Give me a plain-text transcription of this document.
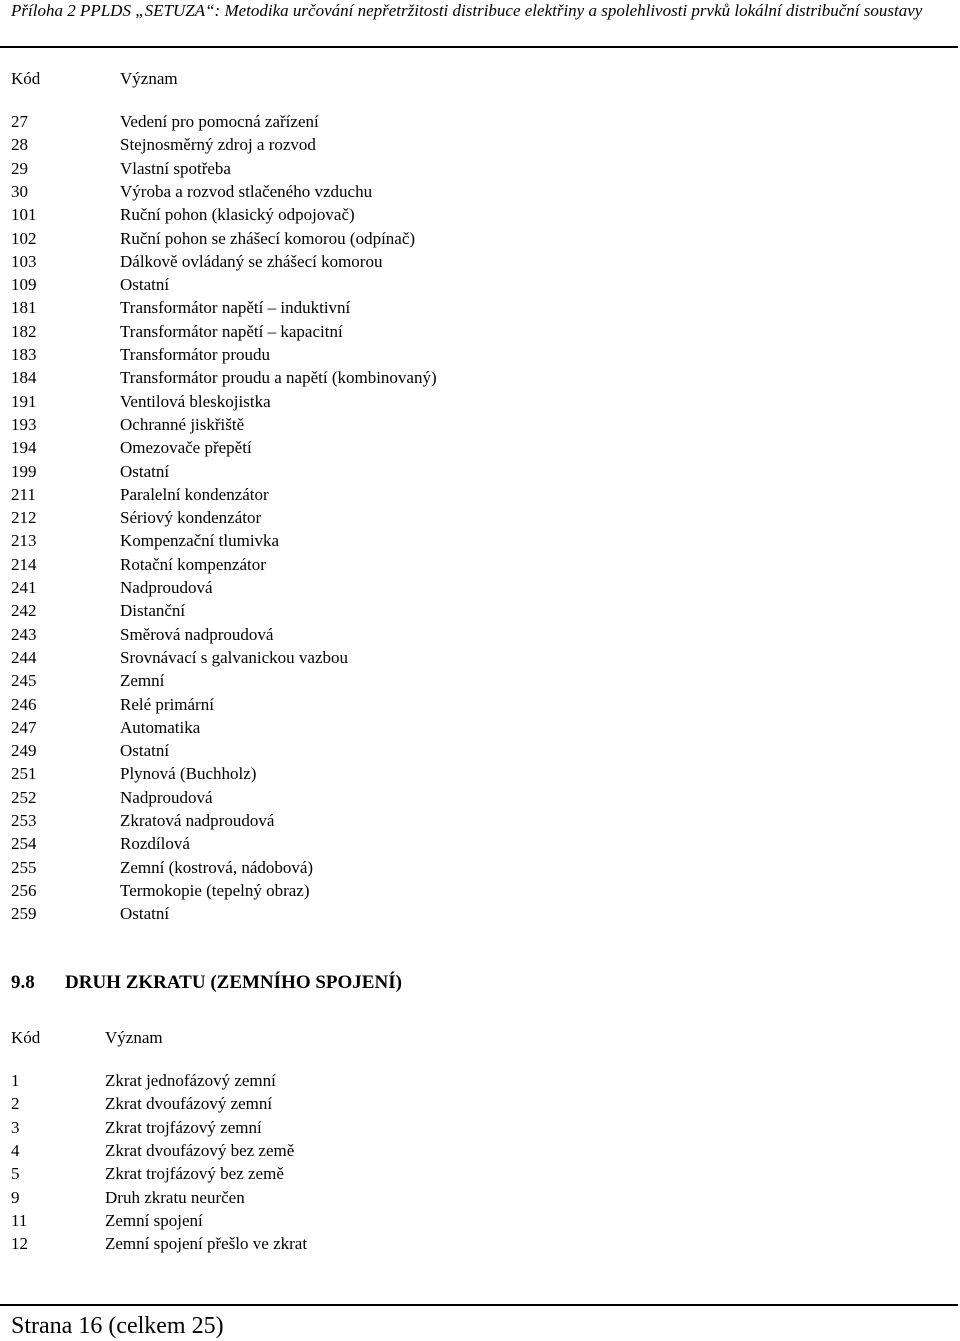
Příloha 2 PPLDS „SETUZA“: Metodika určování nepřetržitosti distribuce elektřiny a spolehlivosti prvků lokální distribuční soustavy
Kód	Význam
27	Vedení pro pomocná zařízení
28	Stejnosměrný zdroj a rozvod
29	Vlastní spotřeba
30	Výroba a rozvod stlačeného vzduchu
101	Ruční pohon (klasický odpojovač)
102	Ruční pohon se zhášecí komorou (odpínač)
103	Dálkově ovládaný se zhášecí komorou
109	Ostatní
181	Transformátor napětí – induktivní
182	Transformátor napětí – kapacitní
183	Transformátor proudu
184	Transformátor proudu a napětí (kombinovaný)
191	Ventilová bleskojistka
193	Ochranné jiskřiště
194	Omezovače přepětí
199	Ostatní
211	Paralelní kondenzátor
212	Sériový kondenzátor
213	Kompenzační tlumivka
214	Rotační kompenzátor
241	Nadproudová
242	Distanční
243	Směrová nadproudová
244	Srovnávací s galvanickou vazbou
245	Zemní
246	Relé primární
247	Automatika
249	Ostatní
251	Plynová (Buchholz)
252	Nadproudová
253	Zkratová nadproudová
254	Rozdílová
255	Zemní (kostrová, nádobová)
256	Termokopie (tepelný obraz)
259	Ostatní
9.8 DRUH ZKRATU (ZEMNÍHO SPOJENÍ)
Kód	Význam
1	Zkrat jednofázový zemní
2	Zkrat dvoufázový zemní
3	Zkrat trojfázový zemní
4	Zkrat dvoufázový bez země
5	Zkrat trojfázový bez země
9	Druh zkratu neurčen
11	Zemní spojení
12	Zemní spojení přešlo ve zkrat
Strana 16 (celkem 25)
